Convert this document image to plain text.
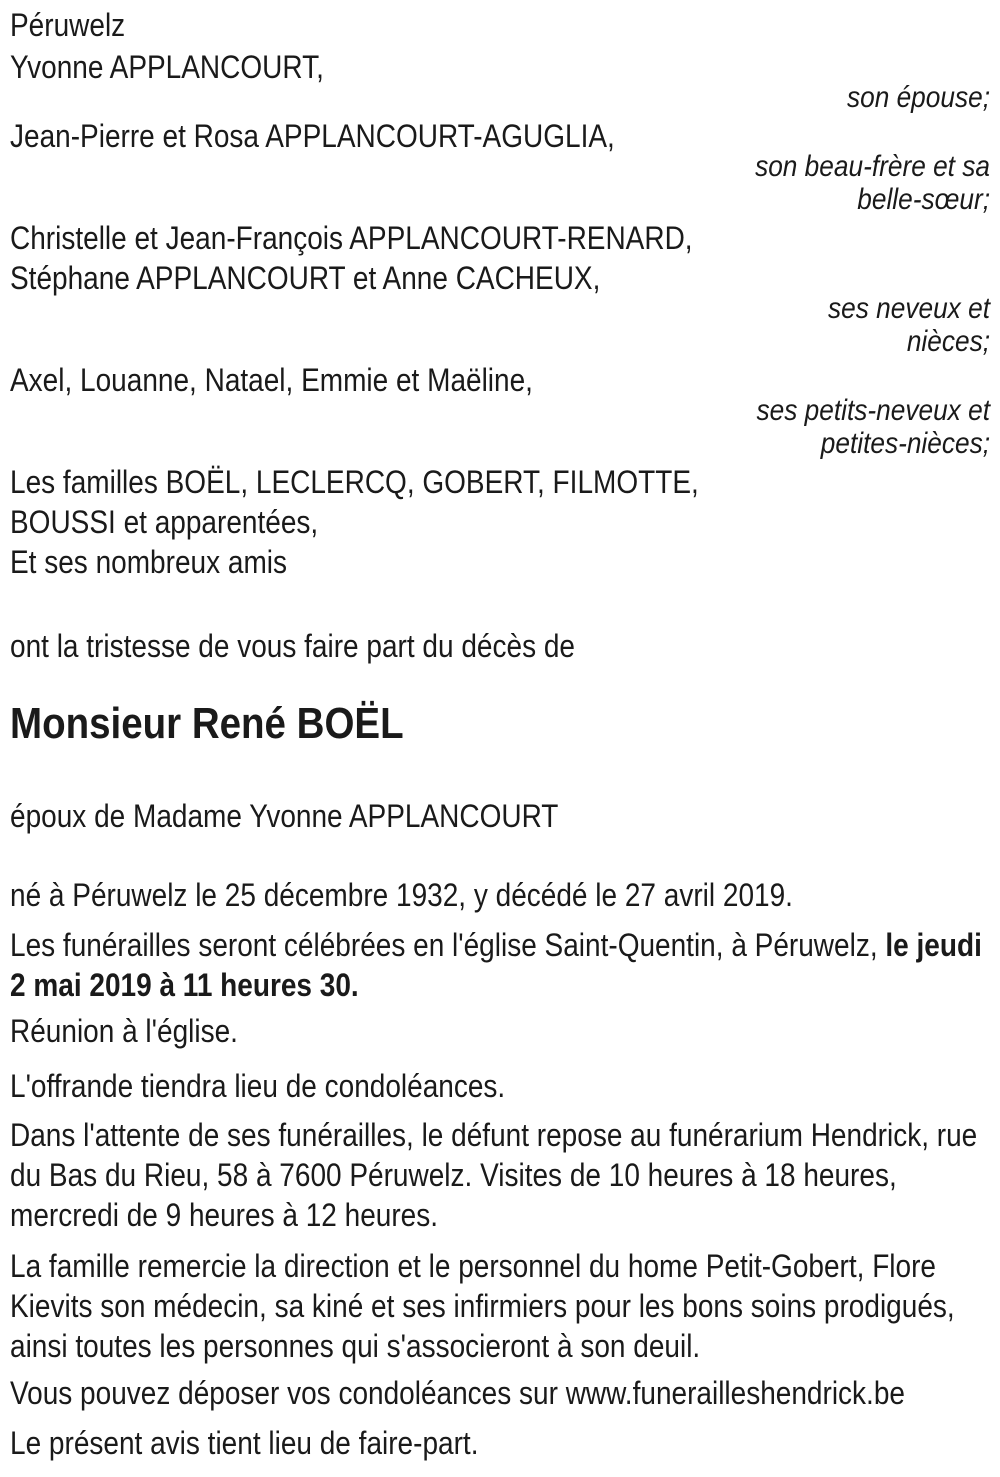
Péruwelz
Yvonne APPLANCOURT,
son épouse;
Jean-Pierre et Rosa APPLANCOURT-AGUGLIA,
son beau-frère et sa
belle-sœur;
Christelle et Jean-François APPLANCOURT-RENARD,
Stéphane APPLANCOURT et Anne CACHEUX,
ses neveux et
nièces;
Axel, Louanne, Natael, Emmie et Maëline,
ses petits-neveux et
petites-nièces;
Les familles BOËL, LECLERCQ, GOBERT, FILMOTTE,
BOUSSI et apparentées,
Et ses nombreux amis
ont la tristesse de vous faire part du décès de
Monsieur René BOËL
époux de Madame Yvonne APPLANCOURT
né à Péruwelz le 25 décembre 1932, y décédé le 27 avril 2019.
Les funérailles seront célébrées en l'église Saint-Quentin, à Péruwelz, le jeudi 2 mai 2019 à 11 heures 30.
Réunion à l'église.
L'offrande tiendra lieu de condoléances.
Dans l'attente de ses funérailles, le défunt repose au funérarium Hendrick, rue du Bas du Rieu, 58 à 7600 Péruwelz. Visites de 10 heures à 18 heures, mercredi de 9 heures à 12 heures.
La famille remercie la direction et le personnel du home Petit-Gobert, Flore Kievits son médecin, sa kiné et ses infirmiers pour les bons soins prodigués, ainsi toutes les personnes qui s'associeront à son deuil.
Vous pouvez déposer vos condoléances sur www.funerailleshendrick.be
Le présent avis tient lieu de faire-part.
